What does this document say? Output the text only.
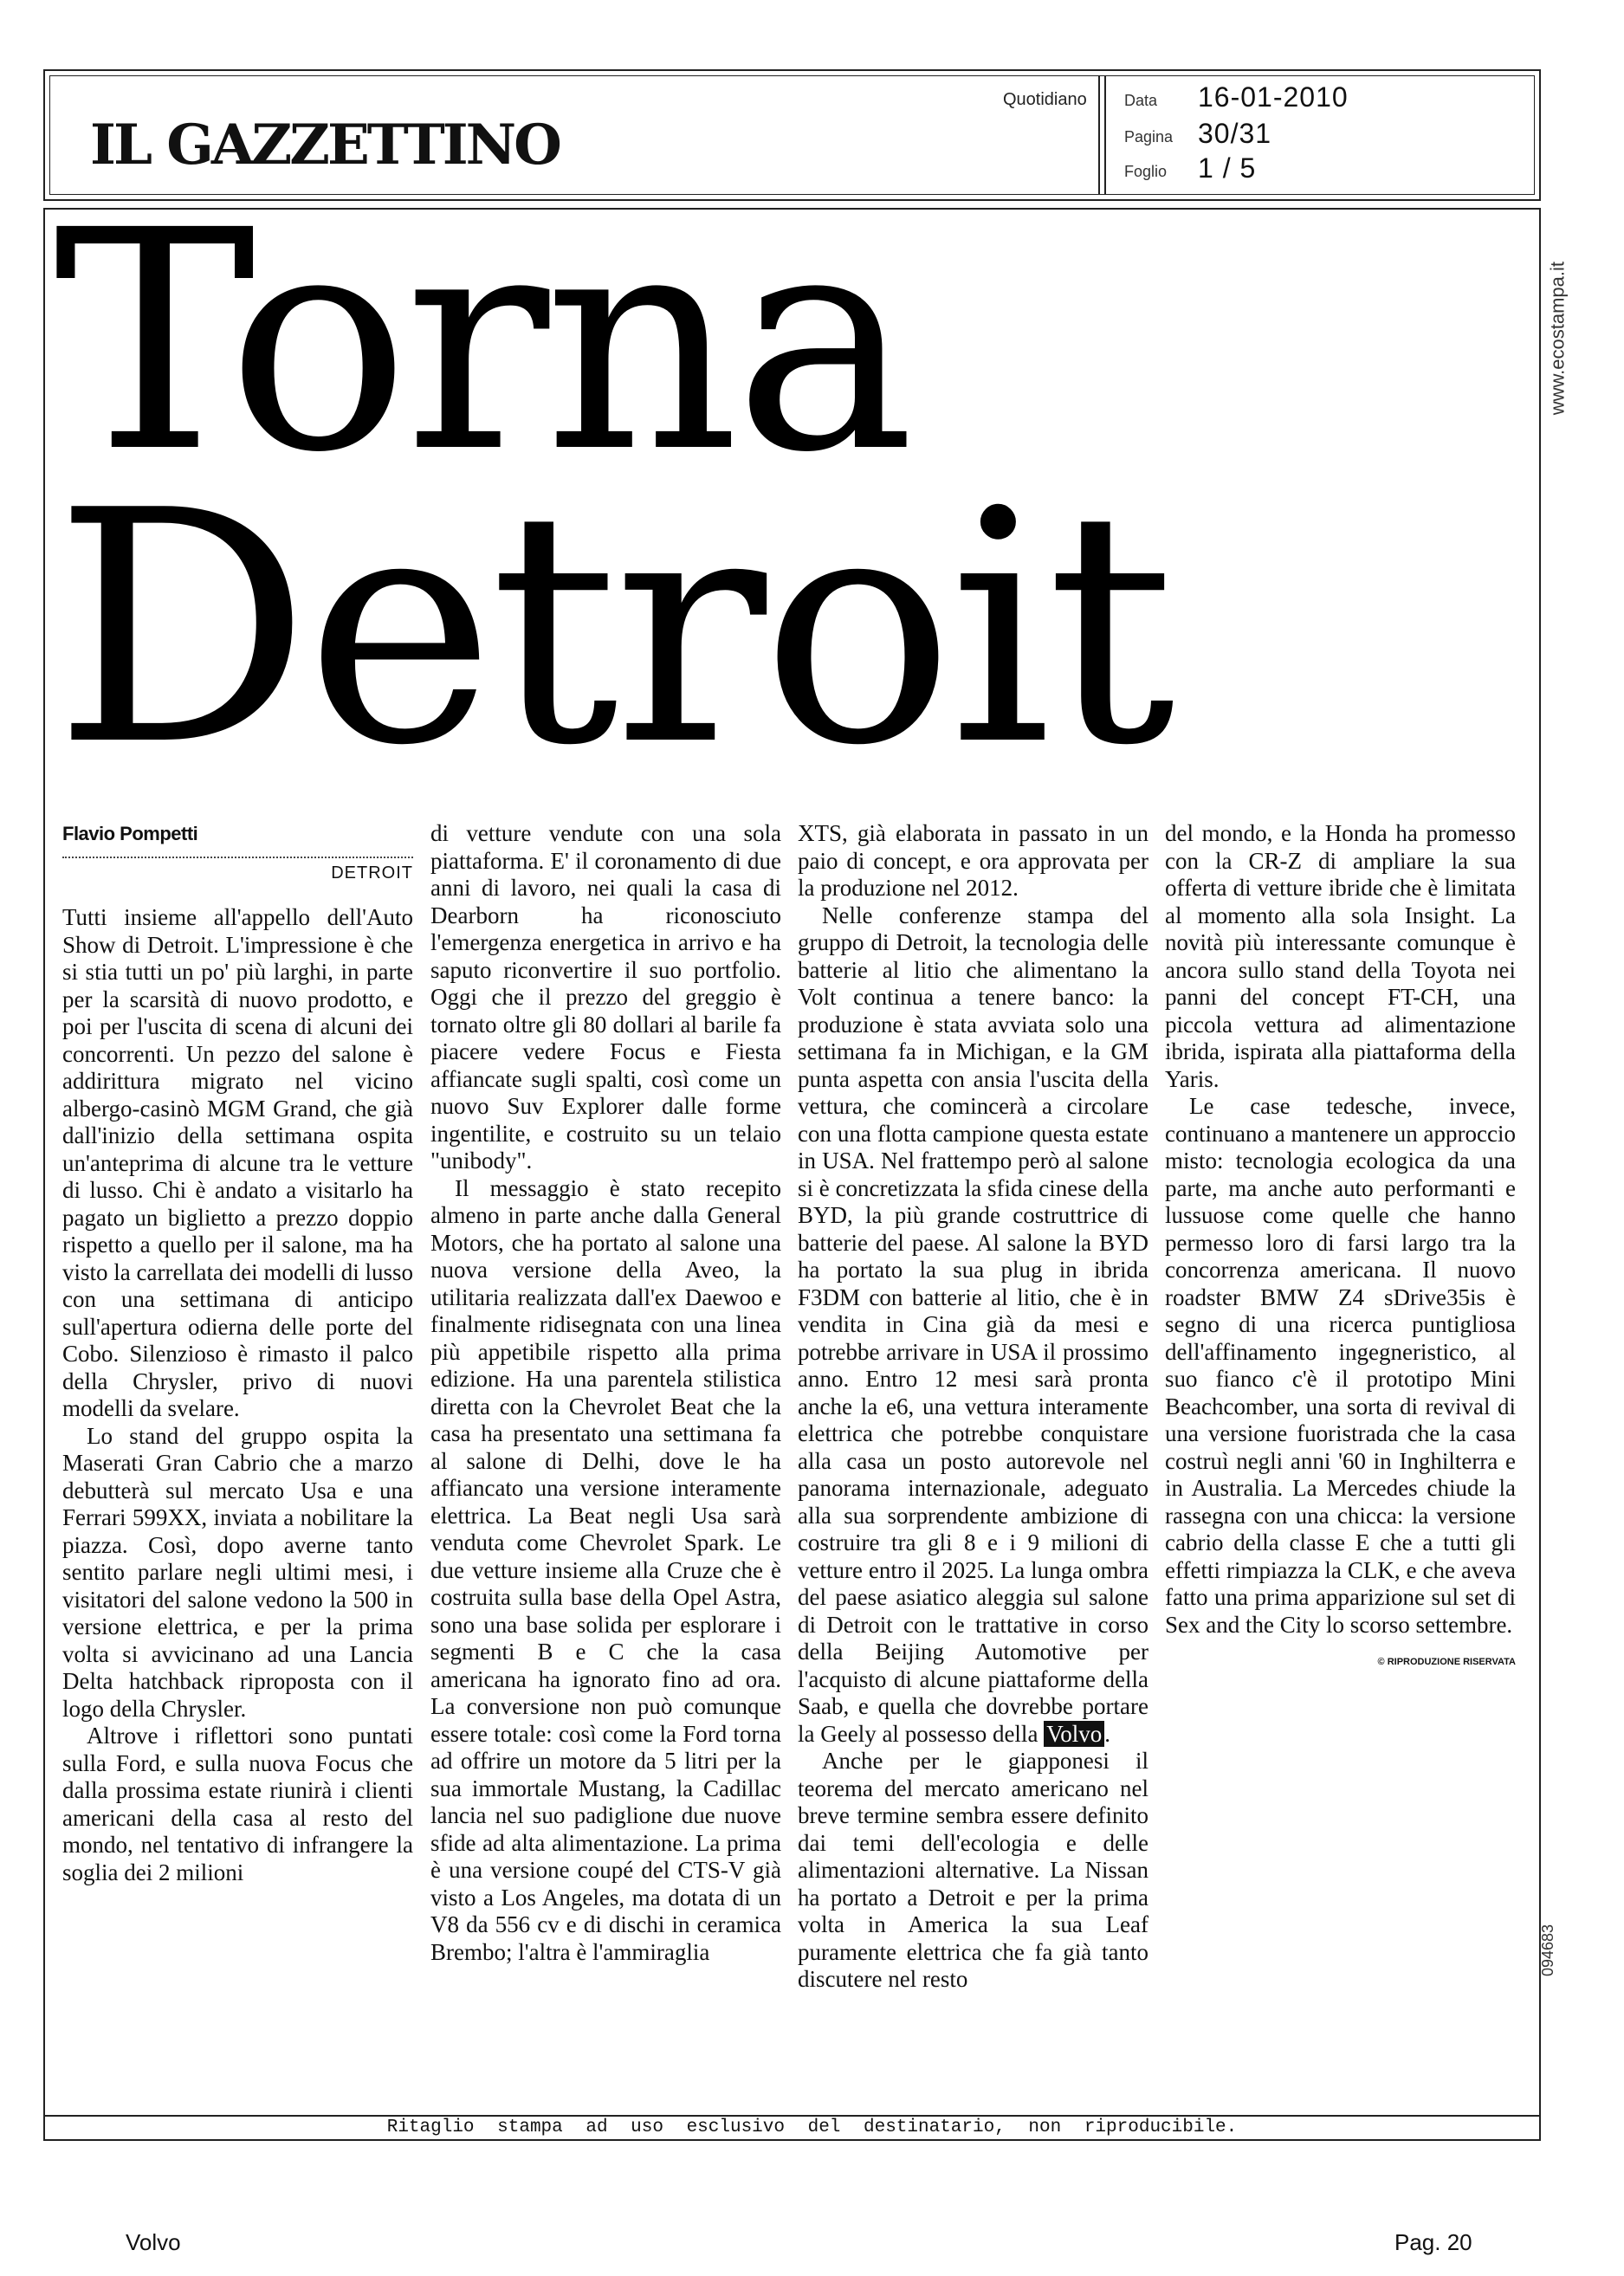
IL GAZZETTINO
Quotidiano Data 16-01-2010
Pagina 30/31
Foglio 1 / 5
Torna
Detroit
www.ecostampa.it
094683
Flavio Pompetti
DETROIT

Tutti insieme all'appello dell'Auto Show di Detroit. L'impressione è che si stia tutti un po' più larghi, in parte per la scarsità di nuovo prodotto, e poi per l'uscita di scena di alcuni dei concorrenti. Un pezzo del salone è addirittura migrato nel vicino albergo-casinò MGM Grand, che già dall'inizio della settimana ospita un'anteprima di alcune tra le vetture di lusso. Chi è andato a visitarlo ha pagato un biglietto a prezzo doppio rispetto a quello per il salone, ma ha visto la carrellata dei modelli di lusso con una settimana di anticipo sull'apertura odierna delle porte del Cobo. Silenzioso è rimasto il palco della Chrysler, privo di nuovi modelli da svelare.

Lo stand del gruppo ospita la Maserati Gran Cabrio che a marzo debutterà sul mercato Usa e una Ferrari 599XX, inviata a nobilitare la piazza. Così, dopo averne tanto sentito parlare negli ultimi mesi, i visitatori del salone vedono la 500 in versione elettrica, e per la prima volta si avvicinano ad una Lancia Delta hatchback riproposta con il logo della Chrysler.

Altrove i riflettori sono puntati sulla Ford, e sulla nuova Focus che dalla prossima estate riunirà i clienti americani della casa al resto del mondo, nel tentativo di infrangere la soglia dei 2 milioni

di vetture vendute con una sola piattaforma. E' il coronamento di due anni di lavoro, nei quali la casa di Dearborn ha riconosciuto l'emergenza energetica in arrivo e ha saputo riconvertire il suo portfolio. Oggi che il prezzo del greggio è tornato oltre gli 80 dollari al barile fa piacere vedere Focus e Fiesta affiancate sugli spalti, così come un nuovo Suv Explorer dalle forme ingentilite, e costruito su un telaio "unibody".

Il messaggio è stato recepito almeno in parte anche dalla General Motors, che ha portato al salone una nuova versione della Aveo, la utilitaria realizzata dall'ex Daewoo e finalmente ridisegnata con una linea più appetibile rispetto alla prima edizione. Ha una parentela stilistica diretta con la Chevrolet Beat che la casa ha presentato una settimana fa al salone di Delhi, dove le ha affiancato una versione interamente elettrica. La Beat negli Usa sarà venduta come Chevrolet Spark. Le due vetture insieme alla Cruze che è costruita sulla base della Opel Astra, sono una base solida per esplorare i segmenti B e C che la casa americana ha ignorato fino ad ora. La conversione non può comunque essere totale: così come la Ford torna ad offrire un motore da 5 litri per la sua immortale Mustang, la Cadillac lancia nel suo padiglione due nuove sfide ad alta alimentazione. La prima è una versione coupé del CTS-V già visto a Los Angeles, ma dotata di un V8 da 556 cv e di dischi in ceramica Brembo; l'altra è l'ammiraglia

XTS, già elaborata in passato in un paio di concept, e ora approvata per la produzione nel 2012.

Nelle conferenze stampa del gruppo di Detroit, la tecnologia delle batterie al litio che alimentano la Volt continua a tenere banco: la produzione è stata avviata solo una settimana fa in Michigan, e la GM punta aspetta con ansia l'uscita della vettura, che comincerà a circolare con una flotta campione questa estate in USA. Nel frattempo però al salone si è concretizzata la sfida cinese della BYD, la più grande costruttrice di batterie del paese. Al salone la BYD ha portato la sua plug in ibrida F3DM con batterie al litio, che è in vendita in Cina già da mesi e potrebbe arrivare in USA il prossimo anno. Entro 12 mesi sarà pronta anche la e6, una vettura interamente elettrica che potrebbe conquistare alla casa un posto autorevole nel panorama internazionale, adeguato alla sua sorprendente ambizione di costruire tra gli 8 e i 9 milioni di vetture entro il 2025. La lunga ombra del paese asiatico aleggia sul salone di Detroit con le trattative in corso della Beijing Automotive per l'acquisto di alcune piattaforme della Saab, e quella che dovrebbe portare la Geely al possesso della Volvo .

Anche per le giapponesi il teorema del mercato americano nel breve termine sembra essere definito dai temi dell'ecologia e delle alimentazioni alternative. La Nissan ha portato a Detroit e per la prima volta in America la sua Leaf puramente elettrica che fa già tanto discutere nel resto

del mondo, e la Honda ha promesso con la CR-Z di ampliare la sua offerta di vetture ibride che è limitata al momento alla sola Insight. La novità più interessante comunque è ancora sullo stand della Toyota nei panni del concept FT-CH, una piccola vettura ad alimentazione ibrida, ispirata alla piattaforma della Yaris.

Le case tedesche, invece, continuano a mantenere un approccio misto: tecnologia ecologica da una parte, ma anche auto performanti e lussuose come quelle che hanno permesso loro di farsi largo tra la concorrenza americana. Il nuovo roadster BMW Z4 sDrive35is è segno di una ricerca puntigliosa dell'affinamento ingegneristico, al suo fianco c'è il prototipo Mini Beachcomber, una sorta di revival di una versione fuoristrada che la casa costruì negli anni '60 in Inghilterra e in Australia. La Mercedes chiude la rassegna con una chicca: la versione cabrio della classe E che a tutti gli effetti rimpiazza la CLK, e che aveva fatto una prima apparizione sul set di Sex and the City lo scorso settembre.

© RIPRODUZIONE RISERVATA
Ritaglio stampa ad uso esclusivo del destinatario, non riproducibile.
Volvo	Pag. 20
